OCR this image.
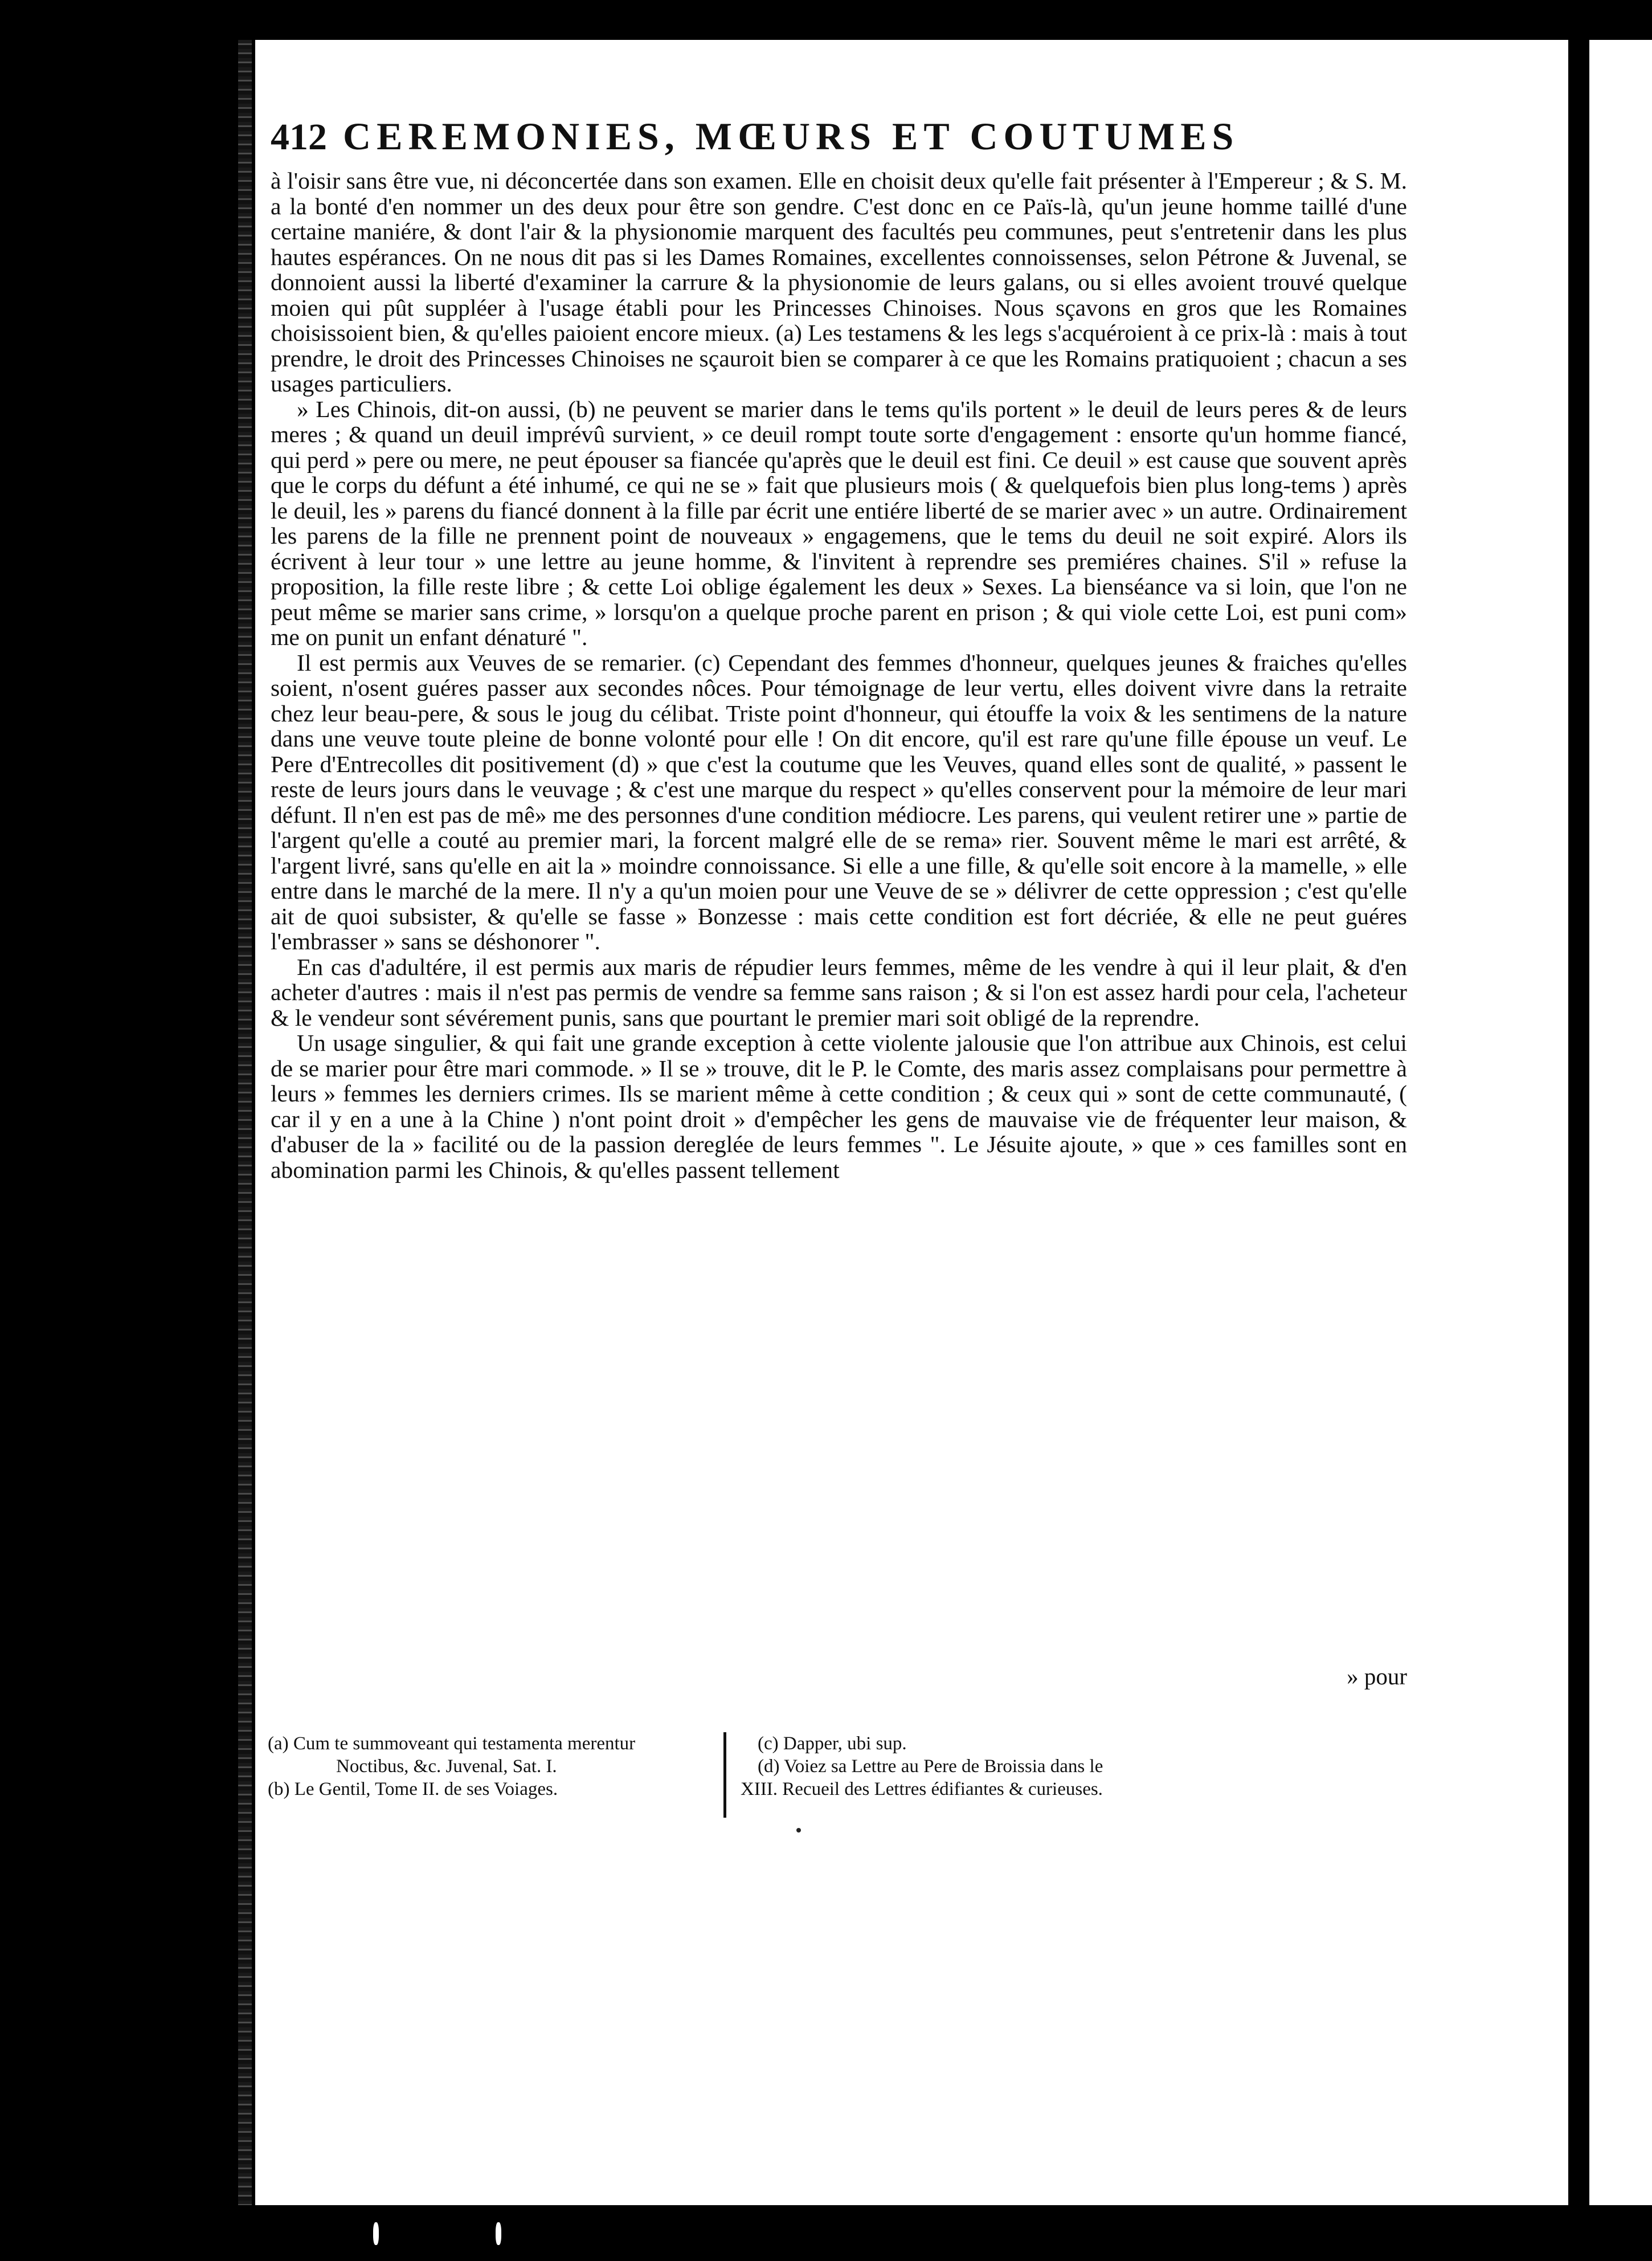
412 CEREMONIES, MŒURS ET COUTUMES

à l'oisir sans être vue, ni déconcertée dans son examen. Elle en choisit deux qu'elle fait présenter à l'Empereur ; & S. M. a la bonté d'en nommer un des deux pour être son gendre. C'est donc en ce Païs-là, qu'un jeune homme taillé d'une certaine maniére, & dont l'air & la physionomie marquent des facultés peu communes, peut s'entretenir dans les plus hautes espérances. On ne nous dit pas si les Dames Romaines, excellentes connoissenses, selon Pétrone & Juvenal, se donnoient aussi la liberté d'examiner la carrure & la physionomie de leurs galans, ou si elles avoient trouvé quelque moien qui pût suppléer à l'usage établi pour les Princesses Chinoises. Nous sçavons en gros que les Romaines choisissoient bien, & qu'elles paioient encore mieux. (a) Les testamens & les legs s'acquéroient à ce prix-là : mais à tout prendre, le droit des Princesses Chinoises ne sçauroit bien se comparer à ce que les Romains pratiquoient ; chacun a ses usages particuliers.

» Les Chinois, dit-on aussi, (b) ne peuvent se marier dans le tems qu'ils portent » le deuil de leurs peres & de leurs meres ; & quand un deuil imprévû survient, » ce deuil rompt toute sorte d'engagement : ensorte qu'un homme fiancé, qui perd » pere ou mere, ne peut épouser sa fiancée qu'après que le deuil est fini. Ce deuil » est cause que souvent après que le corps du défunt a été inhumé, ce qui ne se » fait que plusieurs mois ( & quelquefois bien plus long-tems ) après le deuil, les » parens du fiancé donnent à la fille par écrit une entiére liberté de se marier avec » un autre. Ordinairement les parens de la fille ne prennent point de nouveaux » engagemens, que le tems du deuil ne soit expiré. Alors ils écrivent à leur tour » une lettre au jeune homme, & l'invitent à reprendre ses premiéres chaines. S'il » refuse la proposition, la fille reste libre ; & cette Loi oblige également les deux » Sexes. La bienséance va si loin, que l'on ne peut même se marier sans crime, » lorsqu'on a quelque proche parent en prison ; & qui viole cette Loi, est puni com» me on punit un enfant dénaturé ".

Il est permis aux Veuves de se remarier. (c) Cependant des femmes d'honneur, quelques jeunes & fraiches qu'elles soient, n'osent guéres passer aux secondes nôces. Pour témoignage de leur vertu, elles doivent vivre dans la retraite chez leur beau-pere, & sous le joug du célibat. Triste point d'honneur, qui étouffe la voix & les sentimens de la nature dans une veuve toute pleine de bonne volonté pour elle ! On dit encore, qu'il est rare qu'une fille épouse un veuf. Le Pere d'Entrecolles dit positivement (d) » que c'est la coutume que les Veuves, quand elles sont de qualité, » passent le reste de leurs jours dans le veuvage ; & c'est une marque du respect » qu'elles conservent pour la mémoire de leur mari défunt. Il n'en est pas de mê» me des personnes d'une condition médiocre. Les parens, qui veulent retirer une » partie de l'argent qu'elle a couté au premier mari, la forcent malgré elle de se rema» rier. Souvent même le mari est arrêté, & l'argent livré, sans qu'elle en ait la » moindre connoissance. Si elle a une fille, & qu'elle soit encore à la mamelle, » elle entre dans le marché de la mere. Il n'y a qu'un moien pour une Veuve de se » délivrer de cette oppression ; c'est qu'elle ait de quoi subsister, & qu'elle se fasse » Bonzesse : mais cette condition est fort décriée, & elle ne peut guéres l'embrasser » sans se déshonorer ".

En cas d'adultére, il est permis aux maris de répudier leurs femmes, même de les vendre à qui il leur plait, & d'en acheter d'autres : mais il n'est pas permis de vendre sa femme sans raison ; & si l'on est assez hardi pour cela, l'acheteur & le vendeur sont sévérement punis, sans que pourtant le premier mari soit obligé de la reprendre.

Un usage singulier, & qui fait une grande exception à cette violente jalousie que l'on attribue aux Chinois, est celui de se marier pour être mari commode. » Il se » trouve, dit le P. le Comte, des maris assez complaisans pour permettre à leurs » femmes les derniers crimes. Ils se marient même à cette condition ; & ceux qui » sont de cette communauté, ( car il y en a une à la Chine ) n'ont point droit » d'empêcher les gens de mauvaise vie de fréquenter leur maison, & d'abuser de la » facilité ou de la passion dereglée de leurs femmes ". Le Jésuite ajoute, » que » ces familles sont en abomination parmi les Chinois, & qu'elles passent tellement

» pour
(a) Cum te summoveant qui testamenta merentur
Noctibus, &c. Juvenal, Sat. I.
(b) Le Gentil, Tome II. de ses Voiages.
(c) Dapper, ubi sup.
(d) Voiez sa Lettre au Pere de Broissia dans le
XIII. Recueil des Lettres édifiantes & curieuses.
